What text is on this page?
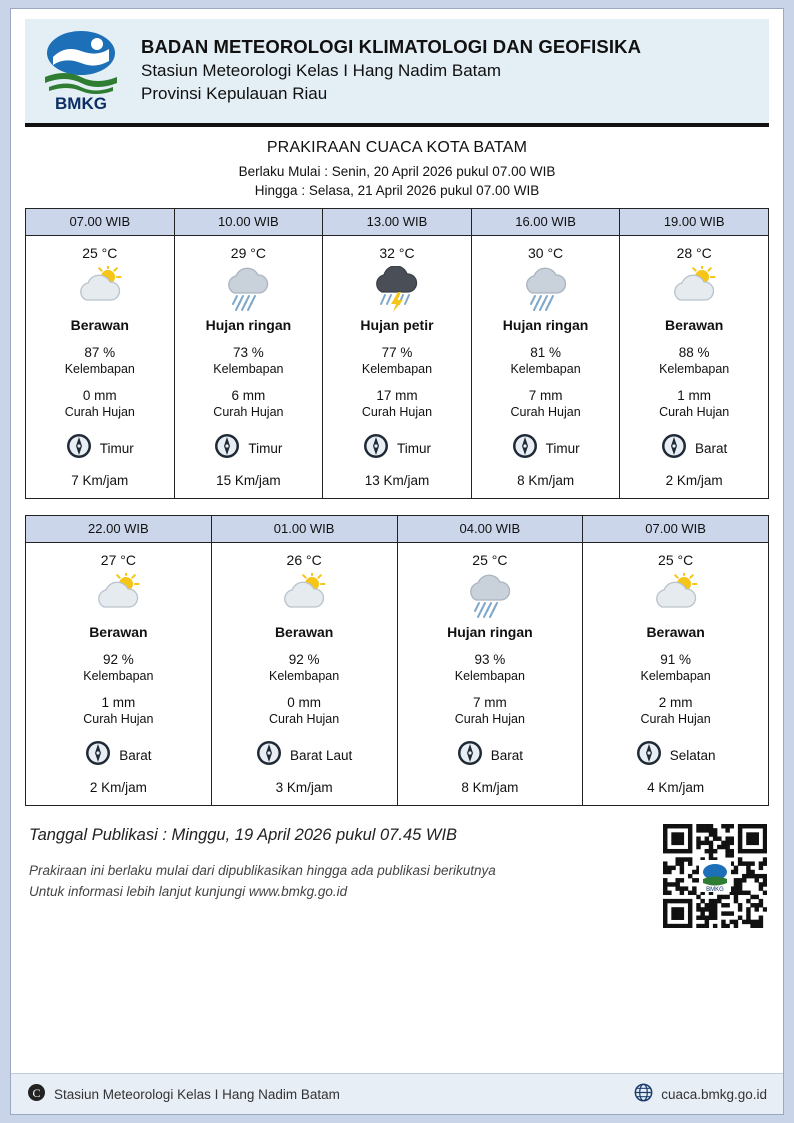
BMKG
BADAN METEOROLOGI KLIMATOLOGI DAN GEOFISIKA
Stasiun Meteorologi Kelas I Hang Nadim Batam
Provinsi Kepulauan Riau
PRAKIRAAN CUACA KOTA BATAM
Berlaku Mulai : Senin, 20 April 2026 pukul 07.00 WIB
Hingga : Selasa, 21 April 2026 pukul 07.00 WIB
07.00 WIB
25 °C
Berawan
87 %
Kelembapan
0 mm
Curah Hujan
Timur
7 Km/jam
10.00 WIB
29 °C
Hujan ringan
73 %
Kelembapan
6 mm
Curah Hujan
Timur
15 Km/jam
13.00 WIB
32 °C
Hujan petir
77 %
Kelembapan
17 mm
Curah Hujan
Timur
13 Km/jam
16.00 WIB
30 °C
Hujan ringan
81 %
Kelembapan
7 mm
Curah Hujan
Timur
8 Km/jam
19.00 WIB
28 °C
Berawan
88 %
Kelembapan
1 mm
Curah Hujan
Barat
2 Km/jam
22.00 WIB
27 °C
Berawan
92 %
Kelembapan
1 mm
Curah Hujan
Barat
2 Km/jam
01.00 WIB
26 °C
Berawan
92 %
Kelembapan
0 mm
Curah Hujan
Barat Laut
3 Km/jam
04.00 WIB
25 °C
Hujan ringan
93 %
Kelembapan
7 mm
Curah Hujan
Barat
8 Km/jam
07.00 WIB
25 °C
Berawan
91 %
Kelembapan
2 mm
Curah Hujan
Selatan
4 Km/jam
Tanggal Publikasi : Minggu, 19 April 2026 pukul 07.45 WIB
Prakiraan ini berlaku mulai dari dipublikasikan hingga ada publikasi berikutnya
Untuk informasi lebih lanjut kunjungi www.bmkg.go.id	BMKG
C Stasiun Meteorologi Kelas I Hang Nadim Batam	cuaca.bmkg.go.id
